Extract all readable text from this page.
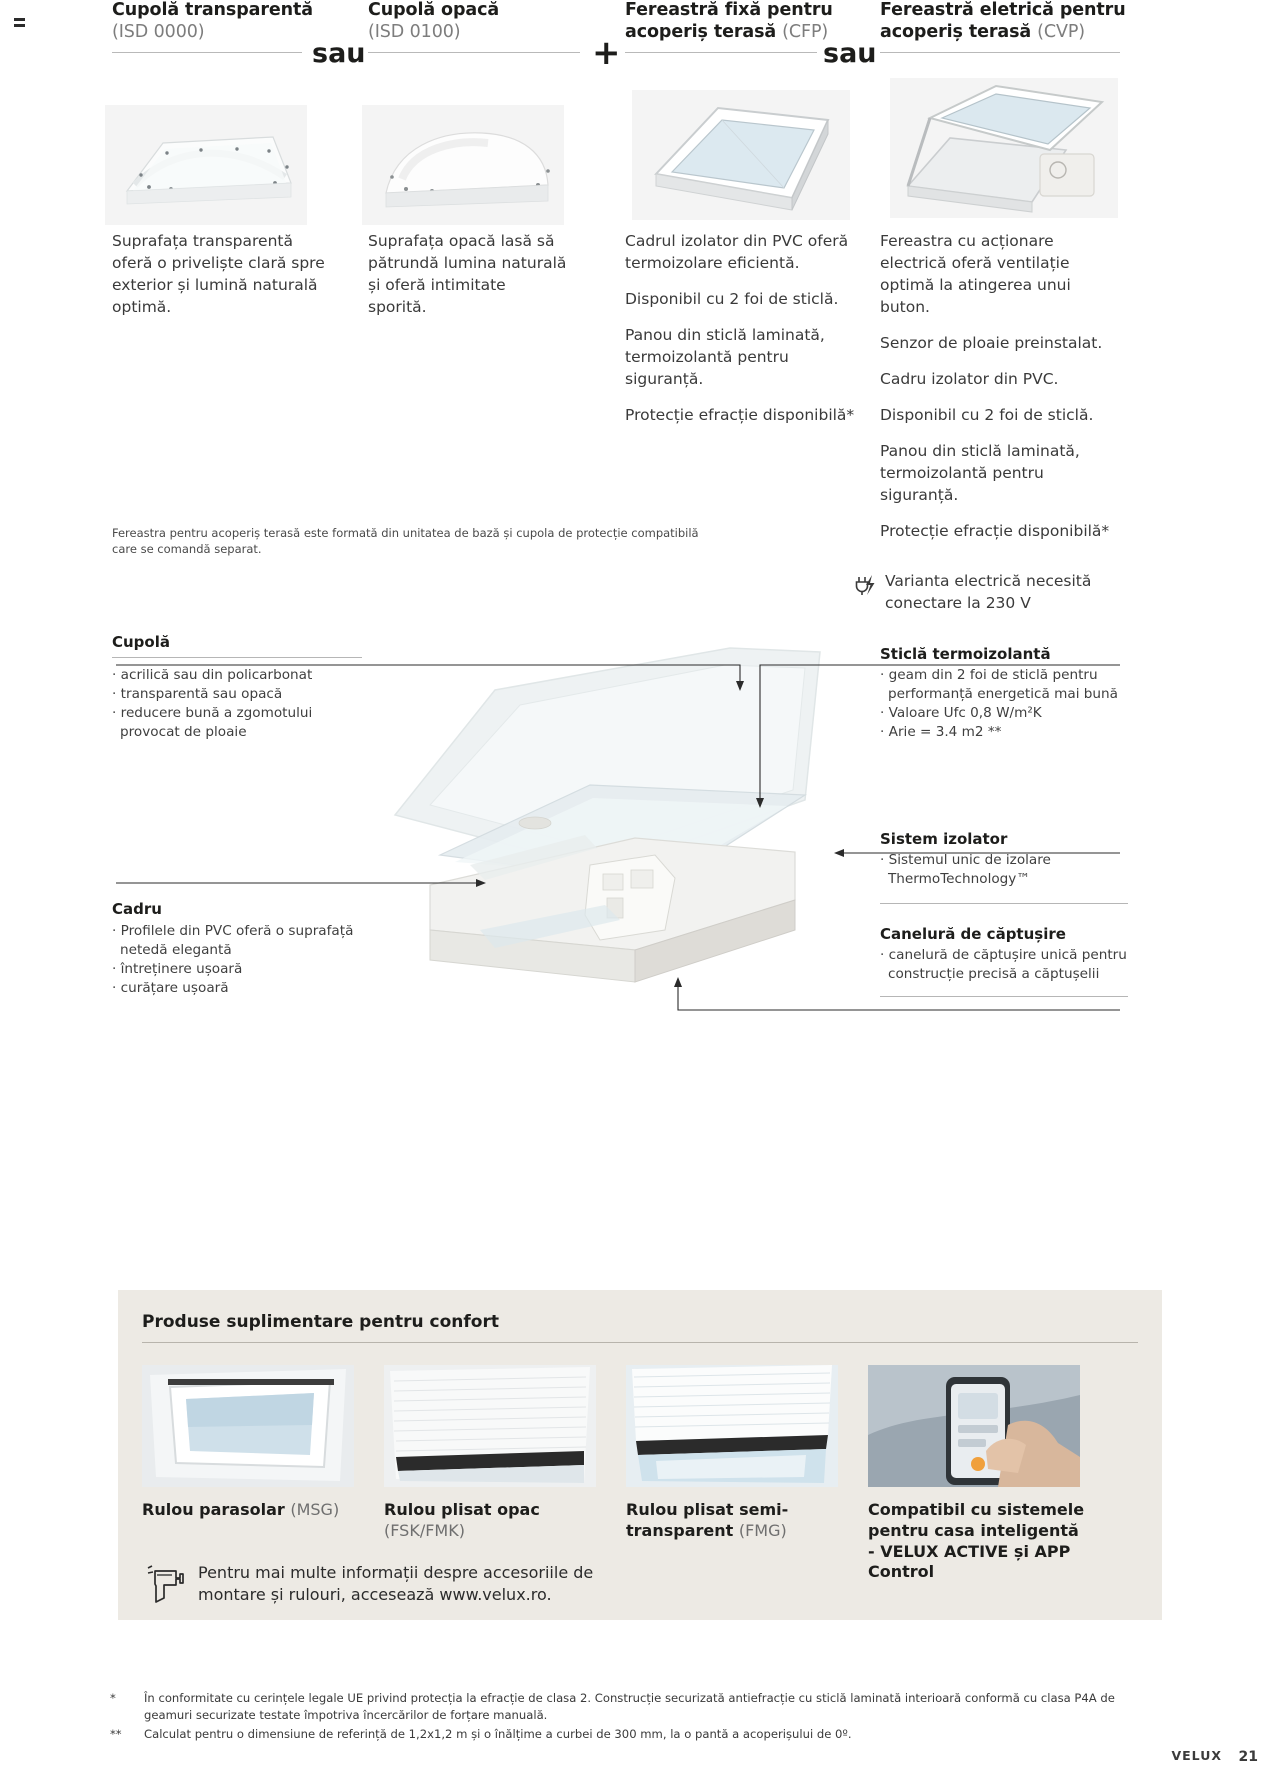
Cupolă transparentă
(ISD 0000)
Cupolă opacă
(ISD 0100)
Fereastră fixă pentru acoperiș terasă (CFP)
Fereastră eletrică pentru acoperiș terasă (CVP)
sau	+	sau

Suprafața transparentă oferă o priveliște clară spre exterior și lumină naturală optimă.

Suprafața opacă lasă să pătrundă lumina naturală și oferă intimitate sporită.

Cadrul izolator din PVC oferă termoizolare eficientă.

Disponibil cu 2 foi de sticlă.

Panou din sticlă laminată, termoizolantă pentru siguranță.

Protecție efracție disponibilă*

Fereastra cu acționare electrică oferă ventilație optimă la atingerea unui buton.

Senzor de ploaie preinstalat.

Cadru izolator din PVC.

Disponibil cu 2 foi de sticlă.

Panou din sticlă laminată, termoizolantă pentru siguranță.

Protecție efracție disponibilă*

Varianta electrică necesită conectare la 230 V
Fereastra pentru acoperiș terasă este formată din unitatea de bază și cupola de protecție compatibilă care se comandă separat.
Cupolă
· acrilică sau din policarbonat
· transparentă sau opacă
· reducere bună a zgomotului provocat de ploaie
Cadru
· Profilele din PVC oferă o suprafață netedă elegantă
· întreținere ușoară
· curățare ușoară
Sticlă termoizolantă
· geam din 2 foi de sticlă pentru performanță energetică mai bună
· Valoare Ufc 0,8 W/m²K
· Arie = 3.4 m2 **
Sistem izolator
· Sistemul unic de izolare ThermoTechnology™
Canelură de căptușire
· canelură de căptușire unică pentru construcție precisă a căptușelii
Produse suplimentare pentru confort
Rulou parasolar (MSG)	Rulou plisat opac
(FSK/FMK)
Rulou plisat semi-transparent (FMG)
Compatibil cu sistemele pentru casa inteligentă - VELUX ACTIVE și APP Control
Pentru mai multe informații despre accesoriile de montare și rulouri, accesează www.velux.ro.
*	În conformitate cu cerințele legale UE privind protecția la efracție de clasa 2. Construcție securizată antiefracție cu sticlă laminată interioară conformă cu clasa P4A de geamuri securizate testate împotriva încercărilor de forțare manuală.
**	Calculat pentru o dimensiune de referință de 1,2x1,2 m și o înălțime a curbei de 300 mm, la o pantă a acoperișului de 0º.
VELUX 21
